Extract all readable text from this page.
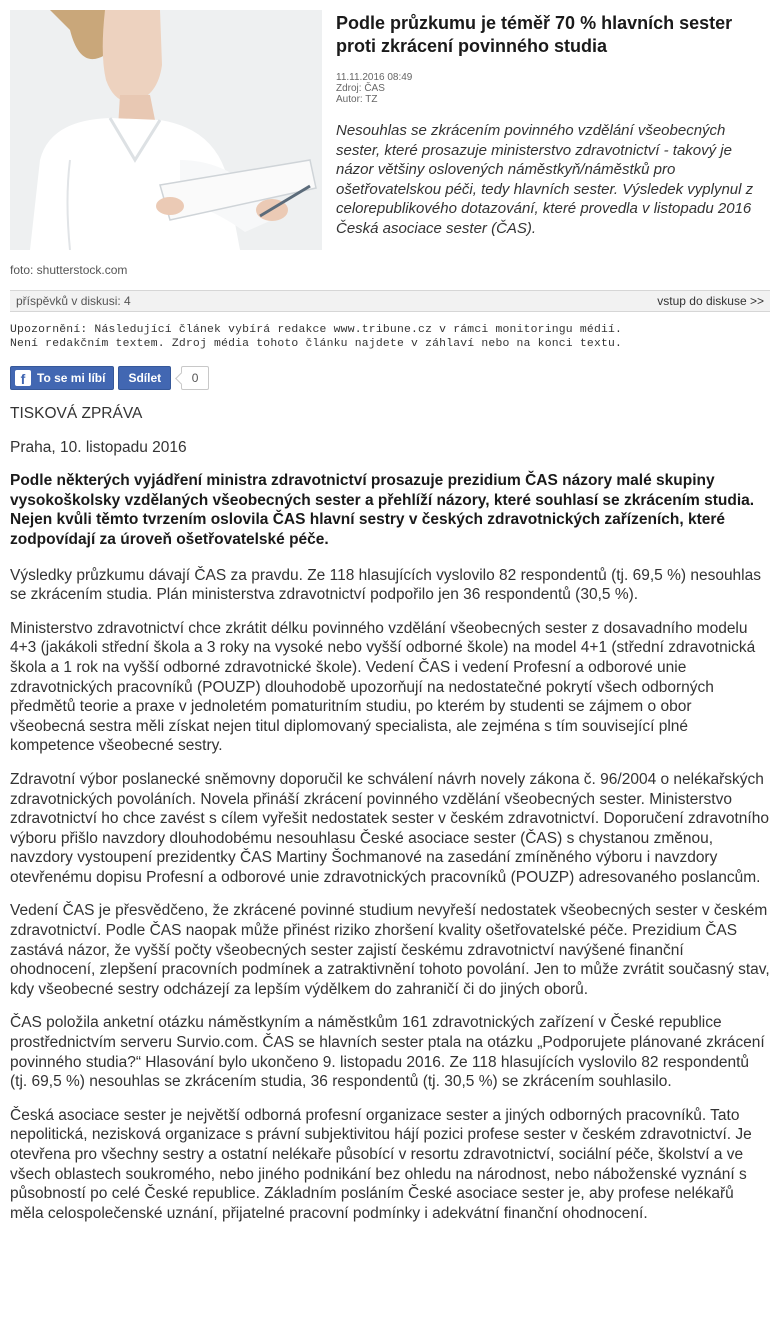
foto: shutterstock.com
Podle průzkumu je téměř 70 % hlavních sester proti zkrácení povinného studia
11.11.2016 08:49
Zdroj: ČAS
Autor: TZ

Nesouhlas se zkrácením povinného vzdělání všeobecných sester, které prosazuje ministerstvo zdravotnictví - takový je názor většiny oslovených náměstkyň/náměstků pro ošetřovatelskou péči, tedy hlavních sester. Výsledek vyplynul z celorepublikového dotazování, které provedla v listopadu 2016 Česká asociace sester (ČAS).

příspěvků v diskusi: 4	vstup do diskuse >>
Upozornění: Následující článek vybírá redakce www.tribune.cz v rámci monitoringu médií.
Není redakčním textem. Zdroj média tohoto článku najdete v záhlaví nebo na konci textu.
f To se mi líbí	Sdílet	0

TISKOVÁ ZPRÁVA

Praha, 10. listopadu 2016

Podle některých vyjádření ministra zdravotnictví prosazuje prezidium ČAS názory malé skupiny vysokoškolsky vzdělaných všeobecných sester a přehlíží názory, které souhlasí se zkrácením studia. Nejen kvůli těmto tvrzením oslovila ČAS hlavní sestry v českých zdravotnických zařízeních, které zodpovídají za úroveň ošetřovatelské péče.

Výsledky průzkumu dávají ČAS za pravdu. Ze 118 hlasujících vyslovilo 82 respondentů (tj. 69,5 %) nesouhlas se zkrácením studia. Plán ministerstva zdravotnictví podpořilo jen 36 respondentů (30,5 %).

Ministerstvo zdravotnictví chce zkrátit délku povinného vzdělání všeobecných sester z dosavadního modelu 4+3 (jakákoli střední škola a 3 roky na vysoké nebo vyšší odborné škole) na model 4+1 (střední zdravotnická škola a 1 rok na vyšší odborné zdravotnické škole). Vedení ČAS i vedení Profesní a odborové unie zdravotnických pracovníků (POUZP) dlouhodobě upozorňují na nedostatečné pokrytí všech odborných předmětů teorie a praxe v jednoletém pomaturitním studiu, po kterém by studenti se zájmem o obor všeobecná sestra měli získat nejen titul diplomovaný specialista, ale zejména s tím související plné kompetence všeobecné sestry.

Zdravotní výbor poslanecké sněmovny doporučil ke schválení návrh novely zákona č. 96/2004 o nelékařských zdravotnických povoláních. Novela přináší zkrácení povinného vzdělání všeobecných sester. Ministerstvo zdravotnictví ho chce zavést s cílem vyřešit nedostatek sester v českém zdravotnictví. Doporučení zdravotního výboru přišlo navzdory dlouhodobému nesouhlasu České asociace sester (ČAS) s chystanou změnou, navzdory vystoupení prezidentky ČAS Martiny Šochmanové na zasedání zmíněného výboru i navzdory otevřenému dopisu Profesní a odborové unie zdravotnických pracovníků (POUZP) adresovaného poslancům.

Vedení ČAS je přesvědčeno, že zkrácené povinné studium nevyřeší nedostatek všeobecných sester v českém zdravotnictví. Podle ČAS naopak může přinést riziko zhoršení kvality ošetřovatelské péče. Prezidium ČAS zastává názor, že vyšší počty všeobecných sester zajistí českému zdravotnictví navýšené finanční ohodnocení, zlepšení pracovních podmínek a zatraktivnění tohoto povolání. Jen to může zvrátit současný stav, kdy všeobecné sestry odcházejí za lepším výdělkem do zahraničí či do jiných oborů.

ČAS položila anketní otázku náměstkyním a náměstkům 161 zdravotnických zařízení v České republice prostřednictvím serveru Survio.com. ČAS se hlavních sester ptala na otázku „Podporujete plánované zkrácení povinného studia?“ Hlasování bylo ukončeno 9. listopadu 2016. Ze 118 hlasujících vyslovilo 82 respondentů (tj. 69,5 %) nesouhlas se zkrácením studia, 36 respondentů (tj. 30,5 %) se zkrácením souhlasilo.

Česká asociace sester je největší odborná profesní organizace sester a jiných odborných pracovníků. Tato nepolitická, nezisková organizace s právní subjektivitou hájí pozici profese sester v českém zdravotnictví. Je otevřena pro všechny sestry a ostatní nelékaře působící v resortu zdravotnictví, sociální péče, školství a ve všech oblastech soukromého, nebo jiného podnikání bez ohledu na národnost, nebo náboženské vyznání s působností po celé České republice. Základním posláním České asociace sester je, aby profese nelékařů měla celospolečenské uznání, přijatelné pracovní podmínky i adekvátní finanční ohodnocení.
